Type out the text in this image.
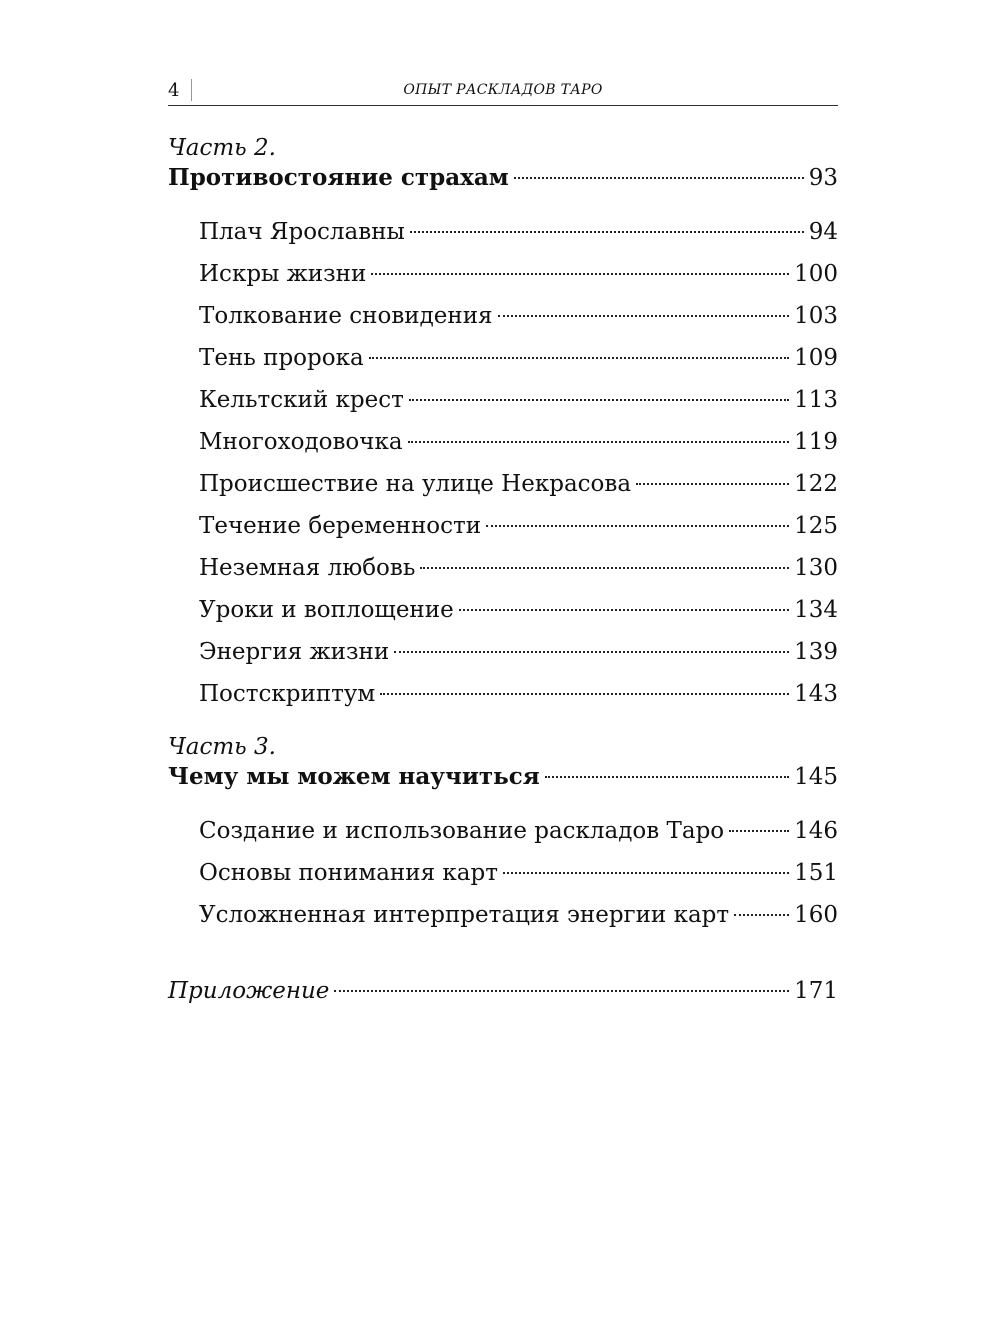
4	ОПЫТ РАСКЛАДОВ ТАРО
Часть 2.
Противостояние страхам	93
Плач Ярославны	94
Искры жизни	100
Толкование сновидения	103
Тень пророка	109
Кельтский крест	113
Многоходовочка	119
Происшествие на улице Некрасова	122
Течение беременности	125
Неземная любовь	130
Уроки и воплощение	134
Энергия жизни	139
Постскриптум	143
Часть 3.
Чему мы можем научиться	145
Создание и использование раскладов Таро	146
Основы понимания карт	151
Усложненная интерпретация энергии карт	160
Приложение	171
